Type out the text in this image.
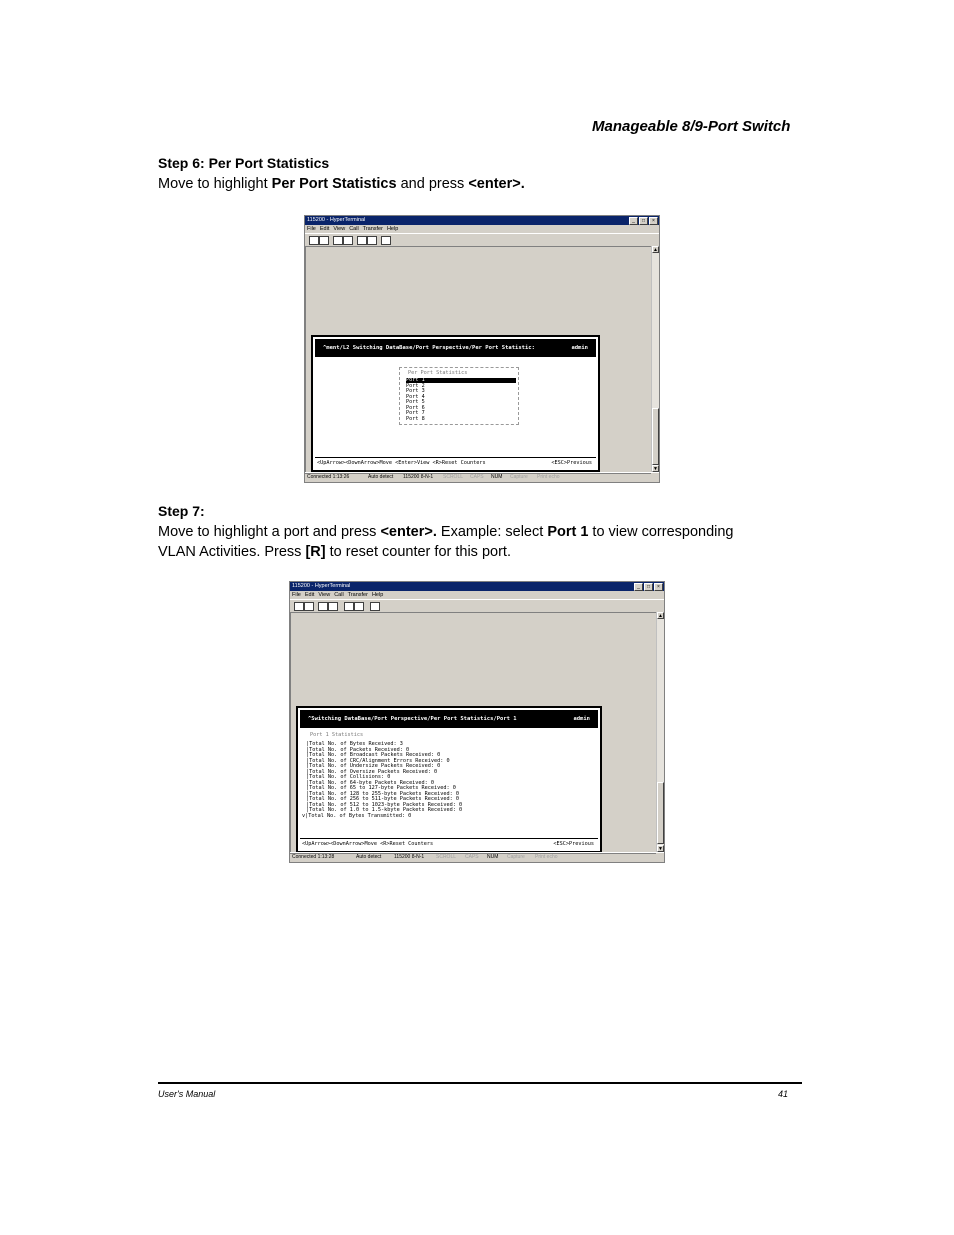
Manageable 8/9-Port Switch
Step 6: Per Port Statistics
Move to highlight Per Port Statistics and press <enter>.
115200 - HyperTerminal	_	□	×
File Edit View Call Transfer Help
^ment/L2 Switching DataBase/Port Perspective/Per Port Statistic:	admin
Per Port Statistics
Port 1
Port 2
Port 3
Port 4
Port 5
Port 6
Port 7
Port 8
<UpArrow><DownArrow>Move <Enter>View <R>Reset Counters	<ESC>Previous
▲
▼
Connected 1:13:26	Auto detect 115200 8-N-1 SCROLL CAPS NUM Capture Print echo
Step 7:
Move to highlight a port and press <enter>. Example: select Port 1 to view corresponding
VLAN Activities. Press [R] to reset counter for this port.
115200 - HyperTerminal	_	□	×
File Edit View Call Transfer Help
^Switching DataBase/Port Perspective/Per Port Statistics/Port 1	admin
Port 1 Statistics
|Total No. of Bytes Received: 3
|Total No. of Packets Received: 0
|Total No. of Broadcast Packets Received: 0
|Total No. of CRC/Alignment Errors Received: 0
|Total No. of Undersize Packets Received: 0
|Total No. of Oversize Packets Received: 0
|Total No. of Collisions: 0
|Total No. of 64-byte Packets Received: 0
|Total No. of 65 to 127-byte Packets Received: 0
|Total No. of 128 to 255-byte Packets Received: 0
|Total No. of 256 to 511-byte Packets Received: 0
|Total No. of 512 to 1023-byte Packets Received: 0
|Total No. of 1.0 to 1.5-kbyte Packets Received: 0
v|Total No. of Bytes Transmitted: 0
<UpArrow><DownArrow>Move <R>Reset Counters	<ESC>Previous
▲
▼
Connected 1:13:28	Auto detect	115200 8-N-1 SCROLL CAPS NUM Capture Print echo
User's Manual	41
